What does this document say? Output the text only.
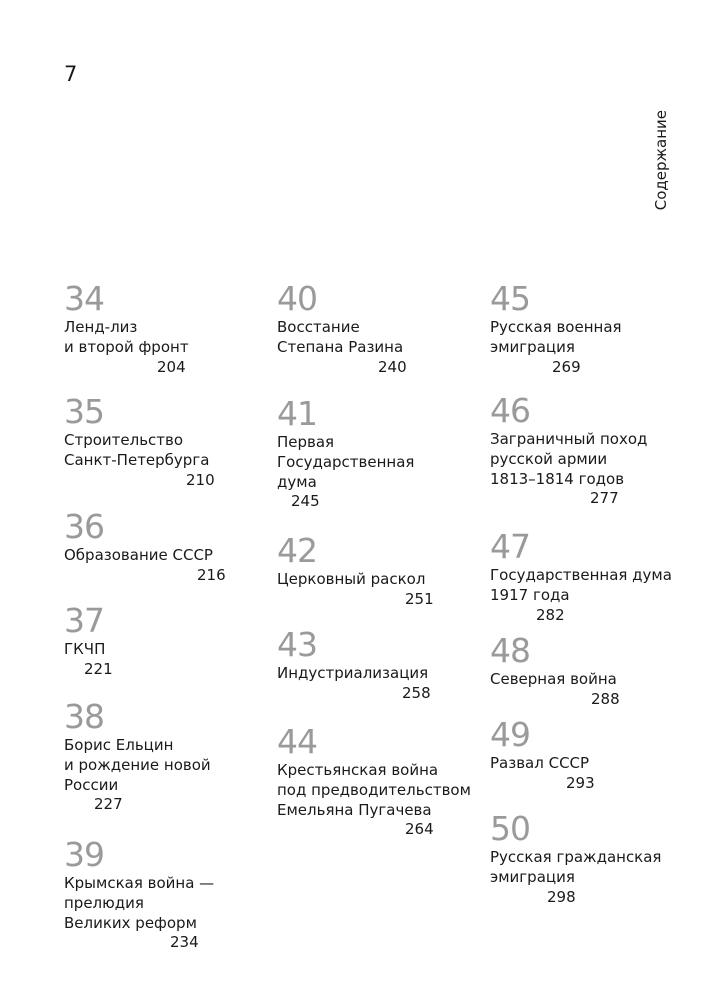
7
Содержание
34
Ленд-лиз
и второй фронт
204
35
Строительство
Санкт-Петербурга
210
36
Образование СССР
216
37
ГКЧП
221
38
Борис Ельцин
и рождение новой
России
227
39
Крымская война —
прелюдия
Великих реформ
234
40
Восстание
Степана Разина
240
41
Первая
Государственная
дума
245
42
Церковный раскол
251
43
Индустриализация
258
44
Крестьянская война
под предводительством
Емельяна Пугачева
264
45
Русская военная
эмиграция
269
46
Заграничный поход
русской армии
1813–1814 годов
277
47
Государственная дума
1917 года
282
48
Северная война
288
49
Развал СССР
293
50
Русская гражданская
эмиграция
298
